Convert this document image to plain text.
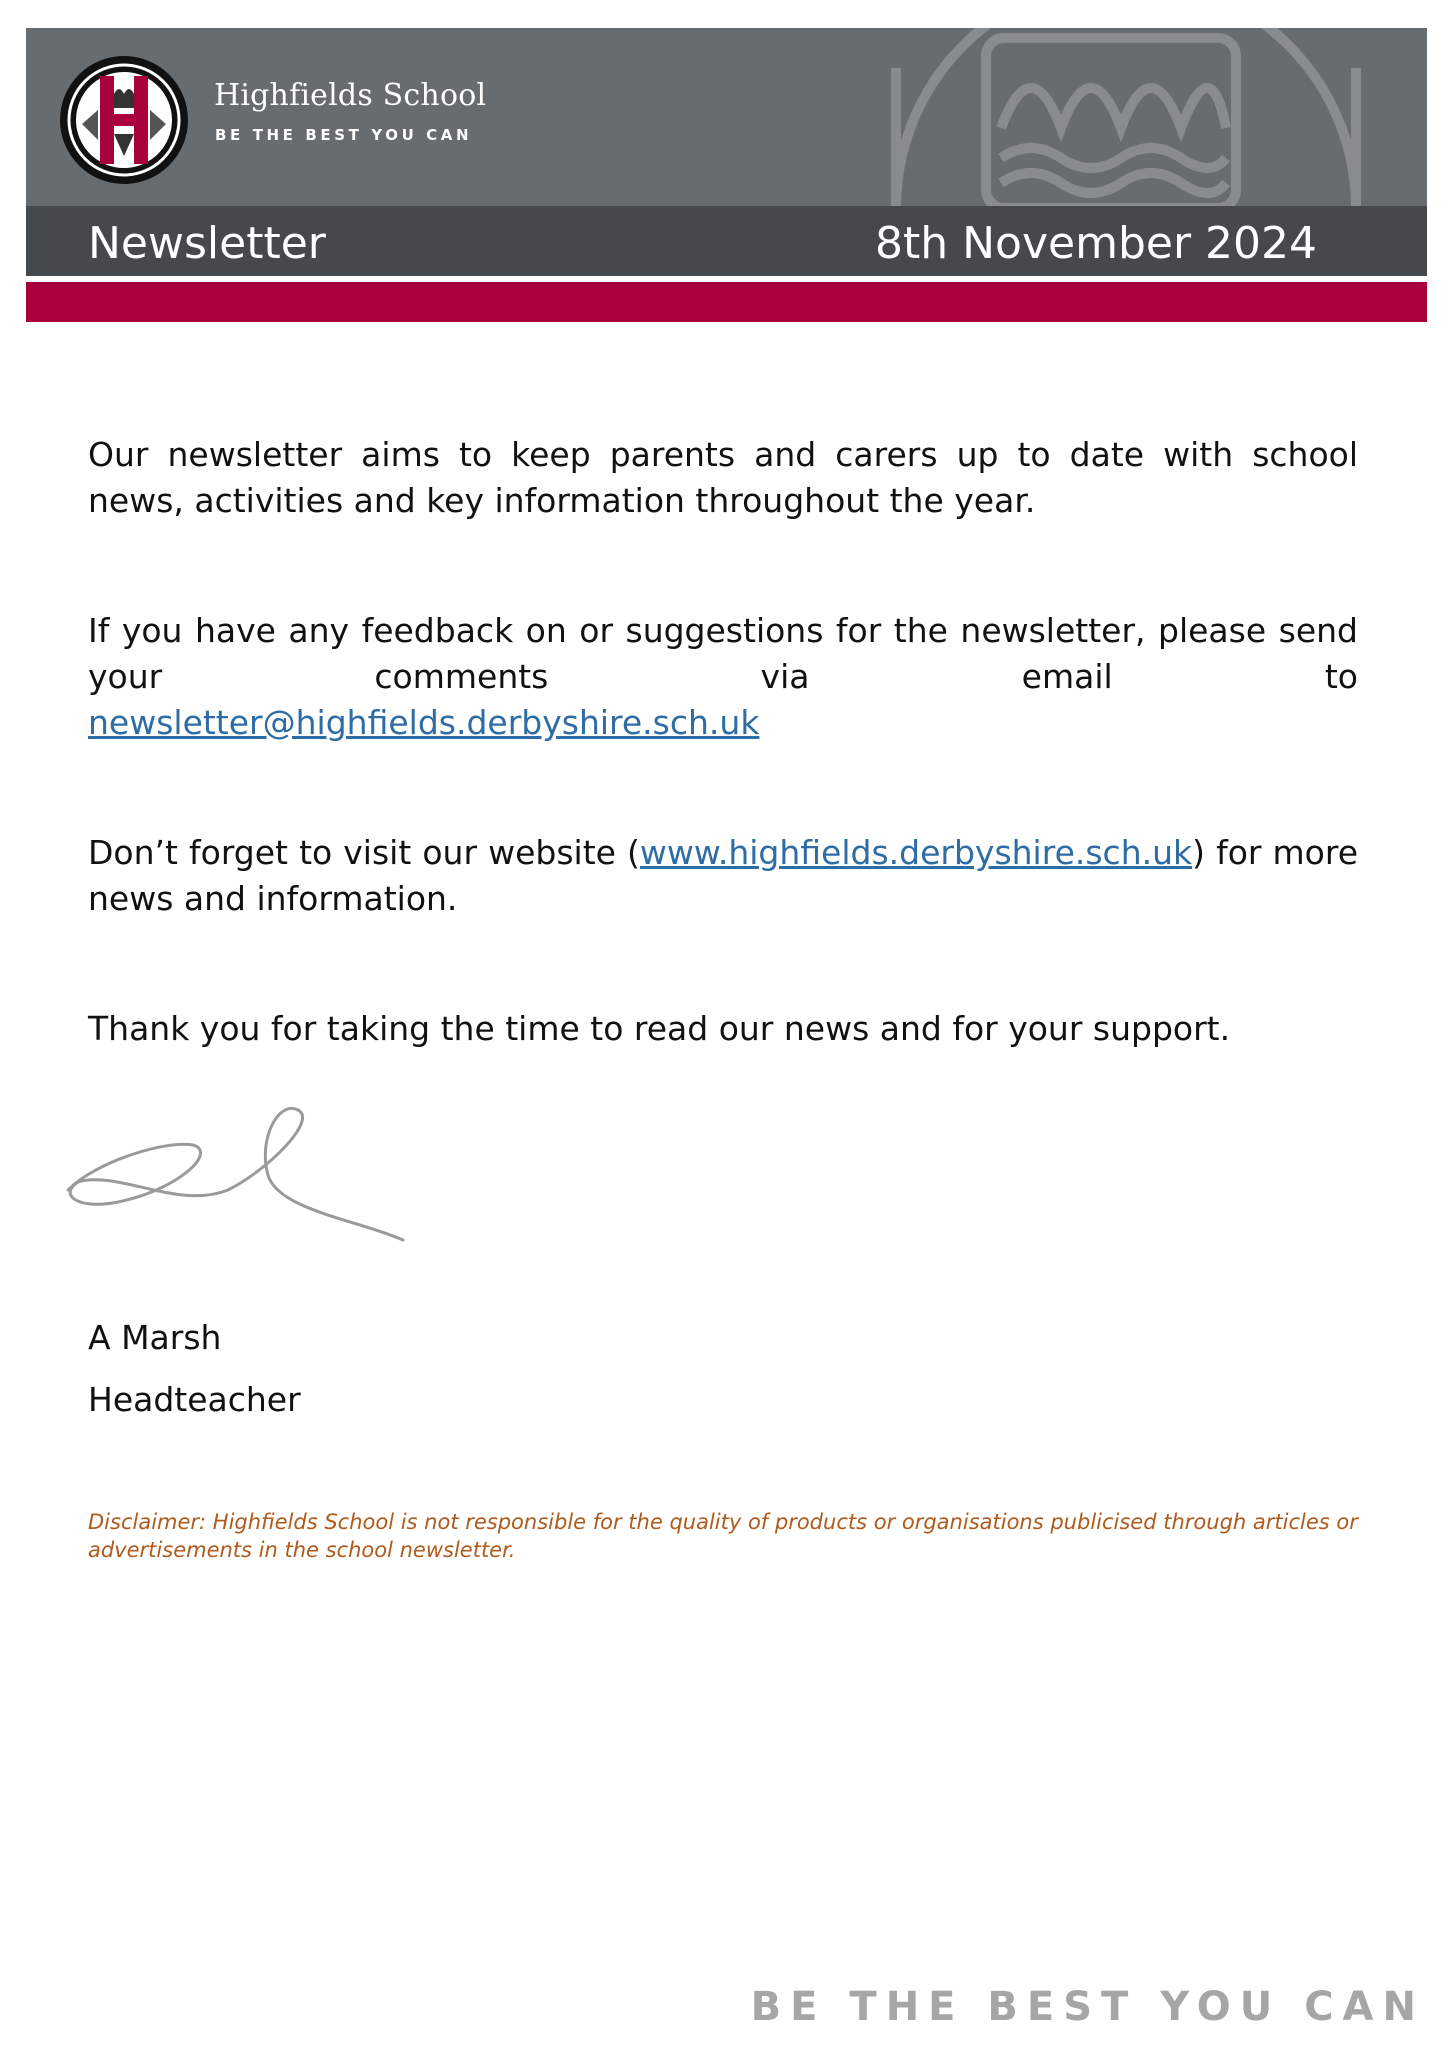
Highfields School
BE THE BEST YOU CAN
Newsletter	8th November 2024

Our newsletter aims to keep parents and carers up to date with school news, activities and key information throughout the year.

If you have any feedback on or suggestions for the newsletter, please send your comments via email to

newsletter@highfields.derbyshire.sch.uk

Don’t forget to visit our website (www.highfields.derbyshire.sch.uk) for more news and information.

Thank you for taking the time to read our news and for your support.

A Marsh
Headteacher
Disclaimer: Highfields School is not responsible for the quality of products or organisations publicised through articles or advertisements in the school newsletter.
BE THE BEST YOU CAN
